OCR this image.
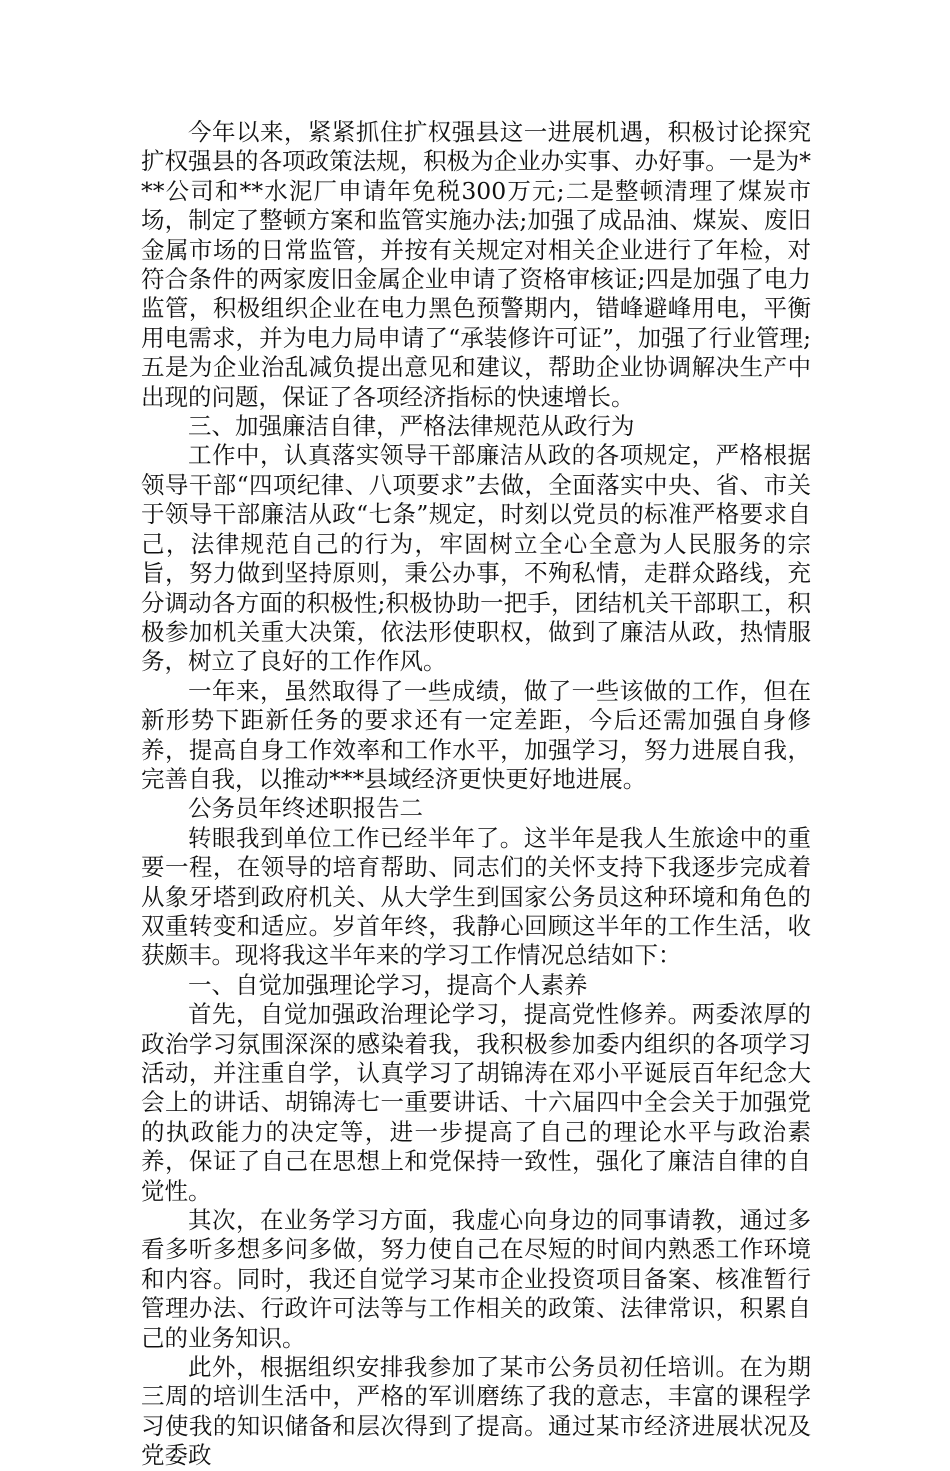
今年以来，紧紧抓住扩权强县这一进展机遇，积极讨论探究扩权强县的各项政策法规，积极为企业办实事、办好事。一是为***公司和**水泥厂申请年免税300万元;二是整顿清理了煤炭市场，制定了整顿方案和监管实施办法;加强了成品油、煤炭、废旧金属市场的日常监管，并按有关规定对相关企业进行了年检，对符合条件的两家废旧金属企业申请了资格审核证;四是加强了电力监管，积极组织企业在电力黑色预警期内，错峰避峰用电，平衡用电需求，并为电力局申请了“承装修许可证”，加强了行业管理;五是为企业治乱减负提出意见和建议，帮助企业协调解决生产中出现的问题，保证了各项经济指标的快速增长。

三、加强廉洁自律，严格法律规范从政行为

工作中，认真落实领导干部廉洁从政的各项规定，严格根据领导干部“四项纪律、八项要求”去做，全面落实中央、省、市关于领导干部廉洁从政“七条”规定，时刻以党员的标准严格要求自己，法律规范自己的行为，牢固树立全心全意为人民服务的宗旨，努力做到坚持原则，秉公办事，不殉私情，走群众路线，充分调动各方面的积极性;积极协助一把手，团结机关干部职工，积极参加机关重大决策，依法形使职权，做到了廉洁从政，热情服务，树立了良好的工作作风。

一年来，虽然取得了一些成绩，做了一些该做的工作，但在新形势下距新任务的要求还有一定差距，今后还需加强自身修养，提高自身工作效率和工作水平，加强学习，努力进展自我，完善自我，以推动***县域经济更快更好地进展。

公务员年终述职报告二

转眼我到单位工作已经半年了。这半年是我人生旅途中的重要一程，在领导的培育帮助、同志们的关怀支持下我逐步完成着从象牙塔到政府机关、从大学生到国家公务员这种环境和角色的双重转变和适应。岁首年终，我静心回顾这半年的工作生活，收获颇丰。现将我这半年来的学习工作情况总结如下：

一、自觉加强理论学习，提高个人素养

首先，自觉加强政治理论学习，提高党性修养。两委浓厚的政治学习氛围深深的感染着我，我积极参加委内组织的各项学习活动，并注重自学，认真学习了胡锦涛在邓小平诞辰百年纪念大会上的讲话、胡锦涛七一重要讲话、十六届四中全会关于加强党的执政能力的决定等，进一步提高了自己的理论水平与政治素养，保证了自己在思想上和党保持一致性，强化了廉洁自律的自觉性。

其次，在业务学习方面，我虚心向身边的同事请教，通过多看多听多想多问多做，努力使自己在尽短的时间内熟悉工作环境和内容。同时，我还自觉学习某市企业投资项目备案、核准暂行管理办法、行政许可法等与工作相关的政策、法律常识，积累自己的业务知识。

此外，根据组织安排我参加了某市公务员初任培训。在为期三周的培训生活中，严格的军训磨练了我的意志，丰富的课程学习使我的知识储备和层次得到了提高。通过某市经济进展状况及党委政
